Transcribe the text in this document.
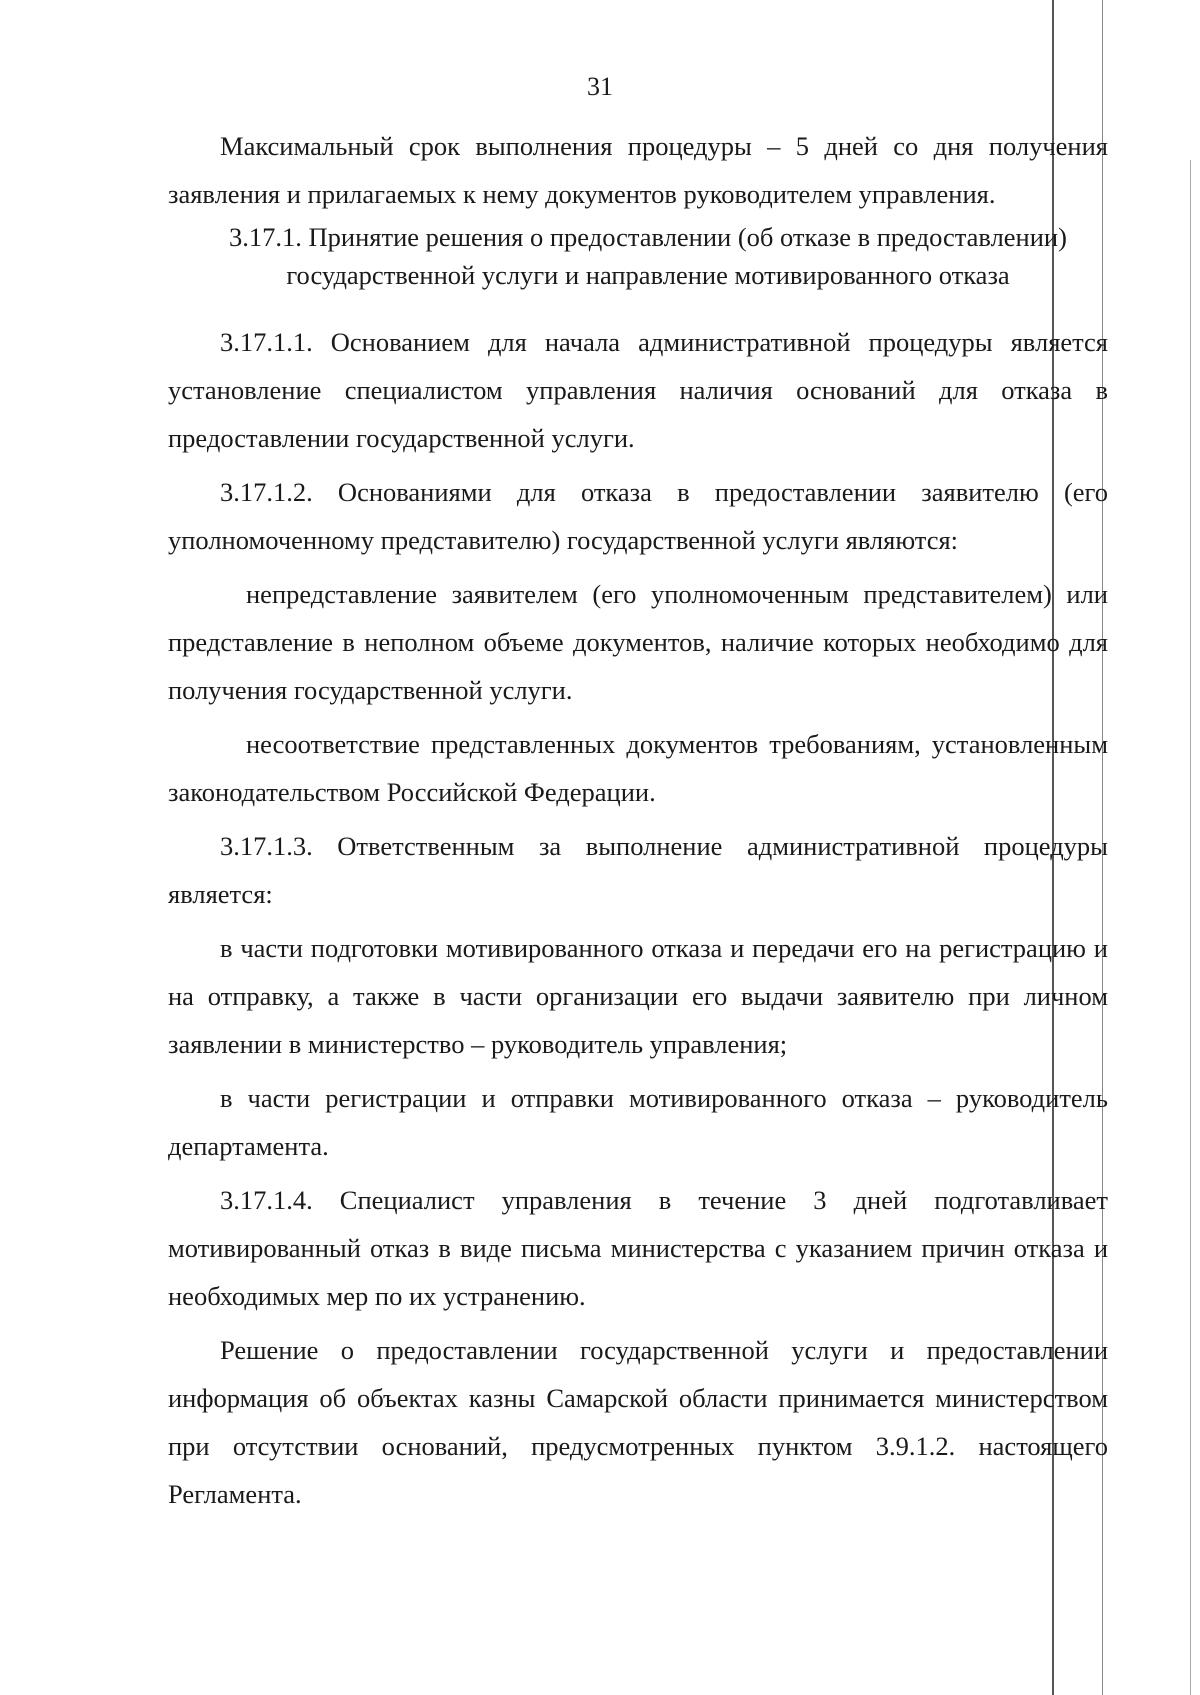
31

Максимальный срок выполнения процедуры – 5 дней со дня получения заявления и прилагаемых к нему документов руководителем управления.

3.17.1. Принятие решения о предоставлении (об отказе в предоставлении) государственной услуги и направление мотивированного отказа

3.17.1.1. Основанием для начала административной процедуры является установление специалистом управления наличия оснований для отказа в предоставлении государственной услуги.

3.17.1.2. Основаниями для отказа в предоставлении заявителю (его уполномоченному представителю) государственной услуги являются:

непредставление заявителем (его уполномоченным представителем) или представление в неполном объеме документов, наличие которых необходимо для получения государственной услуги.

несоответствие представленных документов требованиям, установленным законодательством Российской Федерации.

3.17.1.3. Ответственным за выполнение административной процедуры является:

в части подготовки мотивированного отказа и передачи его на регистрацию и на отправку, а также в части организации его выдачи заявителю при личном заявлении в министерство – руководитель управления;

в части регистрации и отправки мотивированного отказа – руководитель департамента.

3.17.1.4. Специалист управления в течение 3 дней подготавливает мотивированный отказ в виде письма министерства с указанием причин отказа и необходимых мер по их устранению.

Решение о предоставлении государственной услуги и предоставлении информация об объектах казны Самарской области принимается министерством при отсутствии оснований, предусмотренных пунктом 3.9.1.2. настоящего Регламента.
